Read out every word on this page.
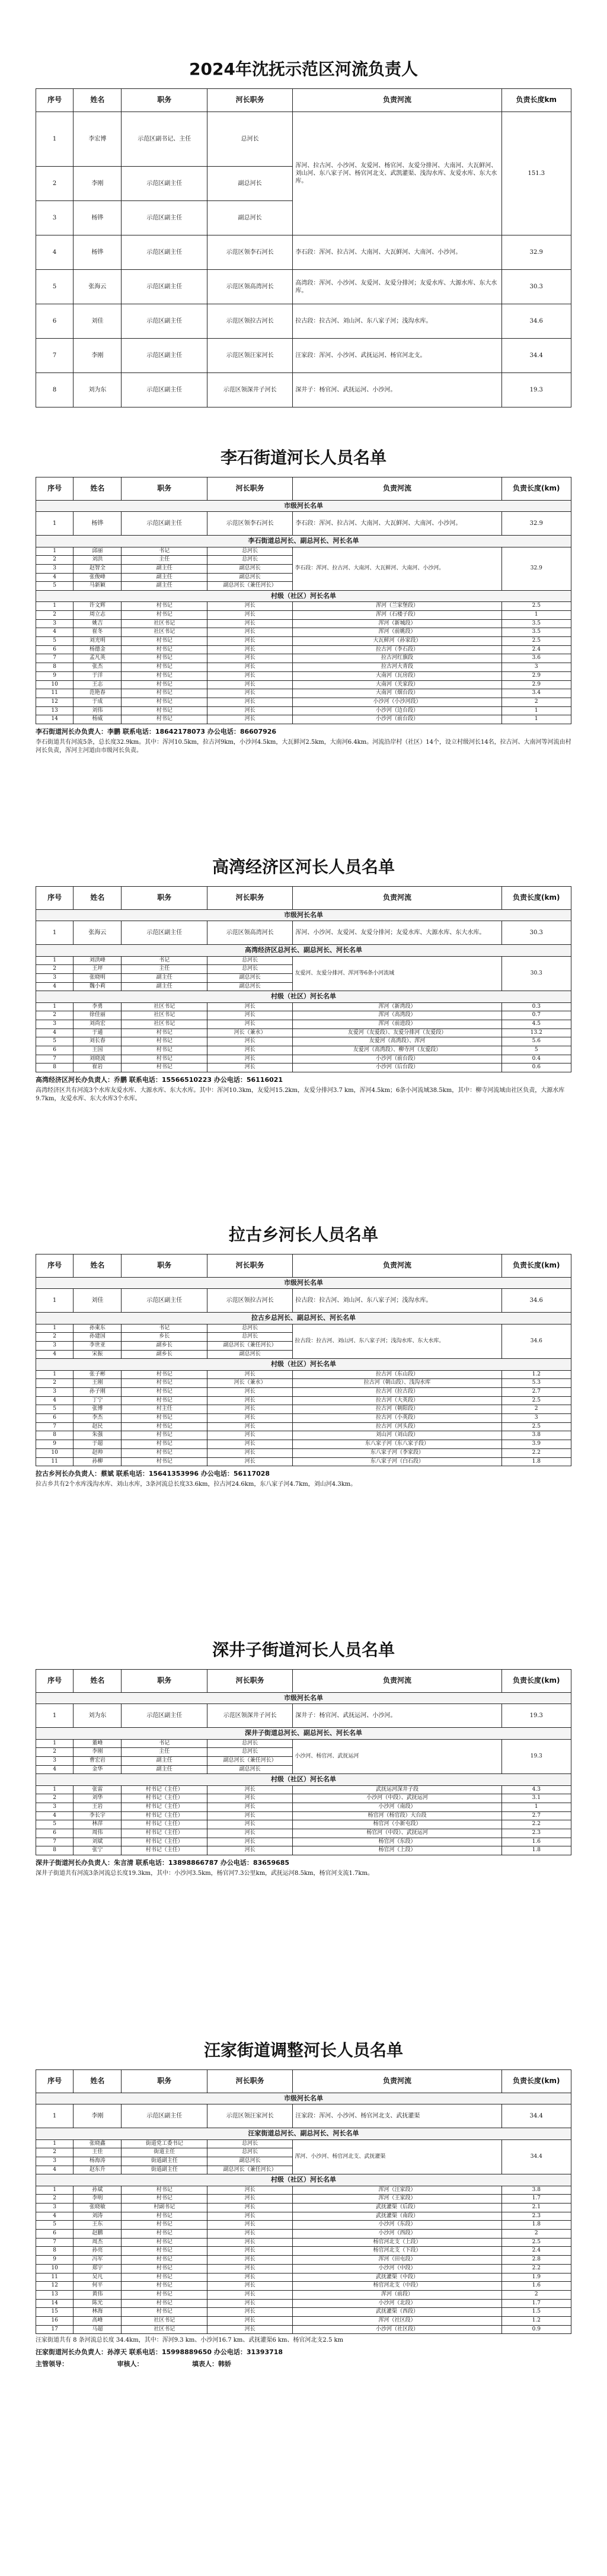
2024年沈抚示范区河流负责人
序号	姓名	职务	河长职务	负责河流	负责长度km
1	李宏博	示范区副书记、主任	总河长	浑河、拉古河、小沙河、友爱河、杨官河、友爱分排河、大南河、大瓦鲜河、刘山河、东八家子河、杨官河北支、武凯灌渠、浅沟水库、友爱水库、东大水库。	151.3
2	李刚	示范区副主任	副总河长		
3	杨铧	示范区副主任	副总河长		
4	杨铧	示范区副主任	示范区领李石河长	李石段：浑河、拉古河、大南河、大瓦鲜河、大南河、小沙河。	32.9
5	张海云	示范区副主任	示范区领高湾河长	高湾段：浑河、小沙河、友爱河、友爱分排河；友爱水库、大源水库、东大水库。	30.3
6	刘佳	示范区副主任	示范区领拉古河长	拉古段：拉古河、刘山河、东八家子河；浅沟水库。	34.6
7	李刚	示范区副主任	示范区领汪家河长	汪家段：浑河、小沙河、武抚运河、杨官河北支。	34.4
8	刘为东	示范区副主任	示范区领深井子河长	深井子：杨官河、武抚运河、小沙河。	19.3
李石街道河长人员名单
序号	姓名	职务	河长职务	负责河流	负责长度(km)
市级河长名单					
1	杨铧	示范区副主任	示范区领李石河长	李石段：浑河、拉古河、大南河、大瓦鲜河、大南河、小沙河。	32.9
李石街道总河长、副总河长、河长名单					
1	邱丽	书记	总河长	李石段：浑河、拉古河、大南河、大瓦鲜河、大南河、小沙河。	32.9
2	刘洪	主任	总河长		
3	赵智全	副主任	副总河长		
4	张俊峰	副主任	副总河长		
5	马新颖	副主任	副总河长（兼任河长）		
村级（社区）河长名单					
1	许文辉	村书记	河长	浑河（兰家堡段）	2.5
2	周立志	村书记	河长	浑河（石楼子段）	1
3	姚吉	社区书记	河长	浑河（新城段）	3.5
4	崔冬	社区书记	河长	浑河（前姚段）	3.5
5	刘光明	村书记	河长	大瓦鲜河（孙家段）	2.5
6	杨德金	村书记	河长	拉古河（李石段）	2.4
7	孟凡英	村书记	河长	拉古河红旗段	3.6
8	张杰	村书记	河长	拉古河大青段	3
9	于洋	村书记	河长	大南河（瓦房段）	2.9
10	王志	村书记	河长	大南河（关家段）	2.9
11	范艳春	村书记	河长	大南河（烟台段）	3.4
12	于成	村书记	河长	小沙河（小沙河段）	2
13	刘伟	村书记	河长	小沙河（边台段）	1
14	杨威	村书记	河长	小沙河（前台段）	1
李石街道河长办负责人：李鹏 联系电话：18642178073 办公电话：86607926
李石街道共有河流5条，总长度32.9km。其中：浑河10.5km，拉古河9km，小沙河4.5km，大瓦鲜河2.5km，大南河6.4km。河流沿岸村（社区）14个，设立村级河长14名，拉古河、大南河等河流由村河长负责，浑河主河道由市级河长负责。
高湾经济区河长人员名单
序号	姓名	职务	河长职务	负责河流	负责长度(km)
市级河长名单					
1	张海云	示范区副主任	示范区领高湾河长	浑河、小沙河、友爱河、友爱分排河；友爱水库、大源水库、东大水库。	30.3
高湾经济区总河长、副总河长、河长名单					
1	刘洪峰	书记	总河长	友爱河、友爱分排河、浑河等6条小河流域	30.3
2	王坪	主任	总河长		
3	张晓明	副主任	副总河长		
4	魏小莉	副主任	副总河长		
村级（社区）河长名单					
1	李勇	社区书记	河长	浑河（新湾段）	0.3
2	徐佳丽	社区书记	河长	浑河（高湾段）	0.7
3	刘尚宏	社区书记	河长	浑河（前进段）	4.5
4	于通	村书记	河长（兼水）	友爱河（友爱段）、友爱分排河（友爱段）	13.2
5	刘长春	村书记	河长	友爱河（高湾段）、浑河	5.6
6	王国	村书记	河长	友爱河（高湾段）、柳寺河（友爱段）	5
7	刘晓波	村书记	河长	小沙河（前台段）	0.4
8	崔岩	村书记	河长	小沙河（后台段）	0.6
高湾经济区河长办负责人：乔鹏 联系电话：15566510223 办公电话：56116021
高湾经济区共有河流3个水库友爱水库、大源水库、东大水库。其中：浑河10.3km，友爱河15.2km，友爱分排河3.7 km，浑河4.5km；6条小河流域38.5km，其中：柳寺河流域由社区负责，大源水库9.7km，友爱水库、东大水库3个水库。
拉古乡河长人员名单
序号	姓名	职务	河长职务	负责河流	负责长度(km)
市级河长名单					
1	刘佳	示范区副主任	示范区领拉古河长	拉古段：拉古河、刘山河、东八家子河；浅沟水库。	34.6
拉古乡总河长、副总河长、河长名单					
1	孙東东	书记	总河长	拉古段：拉古河、刘山河、东八家子河；浅沟水库、东大水库。	34.6
2	孙建国	乡长	总河长		
3	李世亚	副乡长	副总河长（兼任河长）		
4	宋振	副乡长	副总河长		
村级（社区）河长名单					
1	张子彬	村书记	河长	拉古河（东山段）	1.2
2	王刚	村书记	河长（兼水）	拉古河（朝山段）、浅沟水库	5.3
3	孙子刚	村书记	河长	拉古河（拉古段）	2.7
4	丁宁	村书记	河长	拉古河（大英段）	2.5
5	张博	村主任	河长	拉古河（朝阳段）	2
6	李杰	村书记	河长	拉古河（小英段）	3
7	赵民	村书记	河长	拉古河（河头段）	2.5
8	朱强	村书记	河长	刘山河（刘山段）	3.8
9	于超	村书记	河长	东八家子河（东八家子段）	3.9
10	赵帅	村书记	河长	东八家子河（李家段）	2.2
11	孙柳	村书记	河长	东八家子河（白石段）	1.8
拉古乡河长办负责人：蔡斌 联系电话：15641353996 办公电话：56117028
拉古乡共有2个水库浅沟水库、刘山水库，3条河流总长度33.6km，拉古河24.6km，东八家子河4.7km，刘山河4.3km。
深井子街道河长人员名单
序号	姓名	职务	河长职务	负责河流	负责长度(km)
市级河长名单					
1	刘为东	示范区副主任	示范区领深井子河长	深井子：杨官河、武抚运河、小沙河。	19.3
深井子街道总河长、副总河长、河长名单					
1	董峰	书记	总河长	小沙河、杨官河、武抚运河	19.3
2	李刚	主任	总河长		
3	曹宏岩	副主任	副总河长（兼任河长）		
4	金华	副主任	副总河长		
村级（社区）河长名单					
1	张雷	村书记（主任）	河长	武抚运河深井子段	4.3
2	刘华	村书记（主任）	河长	小沙河（中段）、武抚运河	3.1
3	王岩	村书记（主任）	河长	小沙河（南段）	1
4	李长宇	村书记（主任）	河长	杨官河（杨官段）大台段	2.7
5	林萍	村书记（主任）	河长	杨官河（小新屯段）	2.2
6	周伟	村书记（主任）	河长	杨官河（中段）、武抚运河	2.3
7	刘斌	村书记（主任）	河长	杨官河（东段）	1.6
8	张宁	村书记（主任）	河长	杨官河（上段）	1.8
深井子街道河长办负责人：朱言清 联系电话：13898866787 办公电话：83659685
深井子街道共有河流3条河流总长度19.3km，其中：小沙河3.5km，杨官河7.3公里km，武抚运河8.5km，杨官河支流1.7km。
汪家街道调整河长人员名单
序号	姓名	职务	河长职务	负责河流	负责长度(km)
市级河长名单					
1	李刚	示范区副主任	示范区领汪家河长	汪家段：浑河、小沙河、杨官河北支、武抚灌渠	34.4
汪家街道总河长、副总河长、河长名单					
1	张晓鑫	街道党工委书记	总河长	浑河、小沙河、杨官河北支、武抚灌渠	34.4
2	王佳	街道主任	总河长		
3	杨海涛	街道副主任	副总河长		
4	赵东升	街道副主任	副总河长（兼任河长）		
村级（社区）河长名单					
1	孙斌	村书记	河长	浑河（汪家段）	3.8
2	李明	村书记	河长	浑河（王家段）	1.7
3	张晓敏	村副书记	河长	武抚灌渠（后段）	2.1
4	刘涛	村书记	河长	武抚灌渠（南段）	2.3
5	王东	村书记	河长	小沙河（东段）	1.8
6	赵鹏	村书记	河长	小沙河（西段）	2
7	周杰	村书记	河长	杨官河北支（上段）	2.5
8	孙亮	村书记	河长	杨官河北支（下段）	2.4
9	冯军	村书记	河长	浑河（田屯段）	2.8
10	郑宇	村书记	河长	小沙河（中段）	2.2
11	吴凡	村书记	河长	武抚灌渠（中段）	1.9
12	何平	村书记	河长	杨官河北支（中段）	1.6
13	黄伟	村书记	河长	浑河（前段）	2
14	陈光	村书记	河长	小沙河（北段）	1.7
15	林海	村书记	河长	武抚灌渠（西段）	1.5
16	高峰	社区书记	河长	浑河（社区段）	1.2
17	马超	社区书记	河长	小沙河（社区段）	0.9
汪家街道共有 8 条河流总长度 34.4km，其中：浑河9.3 km、小沙河16.7 km、武抚灌渠6 km、杨官河北支2.5 km
汪家街道河长办负责人：孙淳天 联系电话：15998889650 办公电话：31393718
主管领导：　　　　　　　　审核人：　　　　　　　　填表人：韩娇
